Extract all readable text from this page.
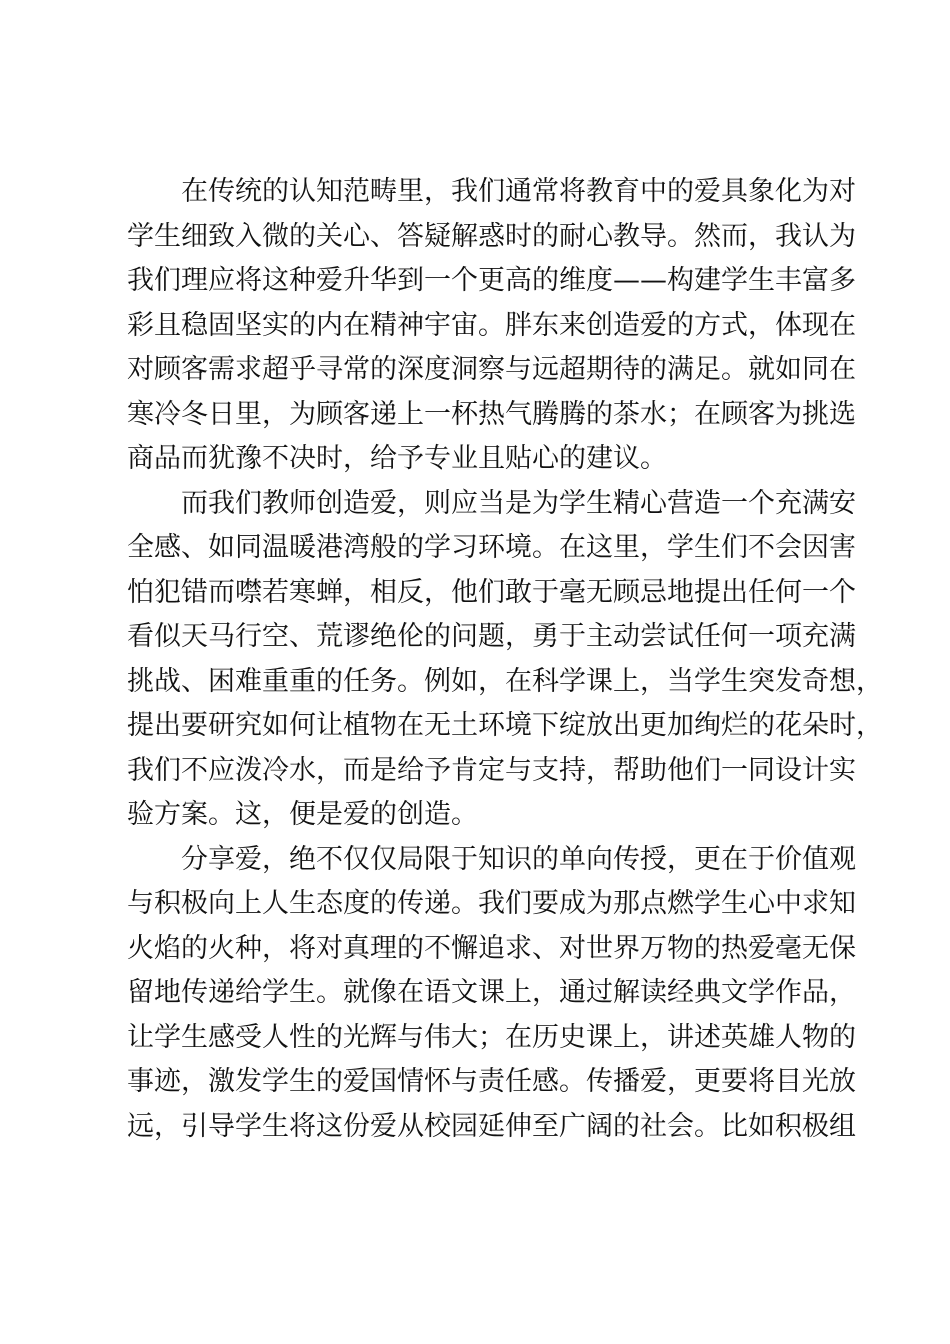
在传统的认知范畴里，我们通常将教育中的爱具象化为对
学生细致入微的关心、答疑解惑时的耐心教导。然而，我认为
我们理应将这种爱升华到一个更高的维度——构建学生丰富多
彩且稳固坚实的内在精神宇宙。胖东来创造爱的方式，体现在
对顾客需求超乎寻常的深度洞察与远超期待的满足。就如同在
寒冷冬日里，为顾客递上一杯热气腾腾的茶水；在顾客为挑选
商品而犹豫不决时，给予专业且贴心的建议。
而我们教师创造爱，则应当是为学生精心营造一个充满安
全感、如同温暖港湾般的学习环境。在这里，学生们不会因害
怕犯错而噤若寒蝉，相反，他们敢于毫无顾忌地提出任何一个
看似天马行空、荒谬绝伦的问题，勇于主动尝试任何一项充满
挑战、困难重重的任务。例如，在科学课上，当学生突发奇想，
提出要研究如何让植物在无土环境下绽放出更加绚烂的花朵时，
我们不应泼冷水，而是给予肯定与支持，帮助他们一同设计实
验方案。这，便是爱的创造。
分享爱，绝不仅仅局限于知识的单向传授，更在于价值观
与积极向上人生态度的传递。我们要成为那点燃学生心中求知
火焰的火种，将对真理的不懈追求、对世界万物的热爱毫无保
留地传递给学生。就像在语文课上，通过解读经典文学作品，
让学生感受人性的光辉与伟大；在历史课上，讲述英雄人物的
事迹，激发学生的爱国情怀与责任感。传播爱，更要将目光放
远，引导学生将这份爱从校园延伸至广阔的社会。比如积极组
